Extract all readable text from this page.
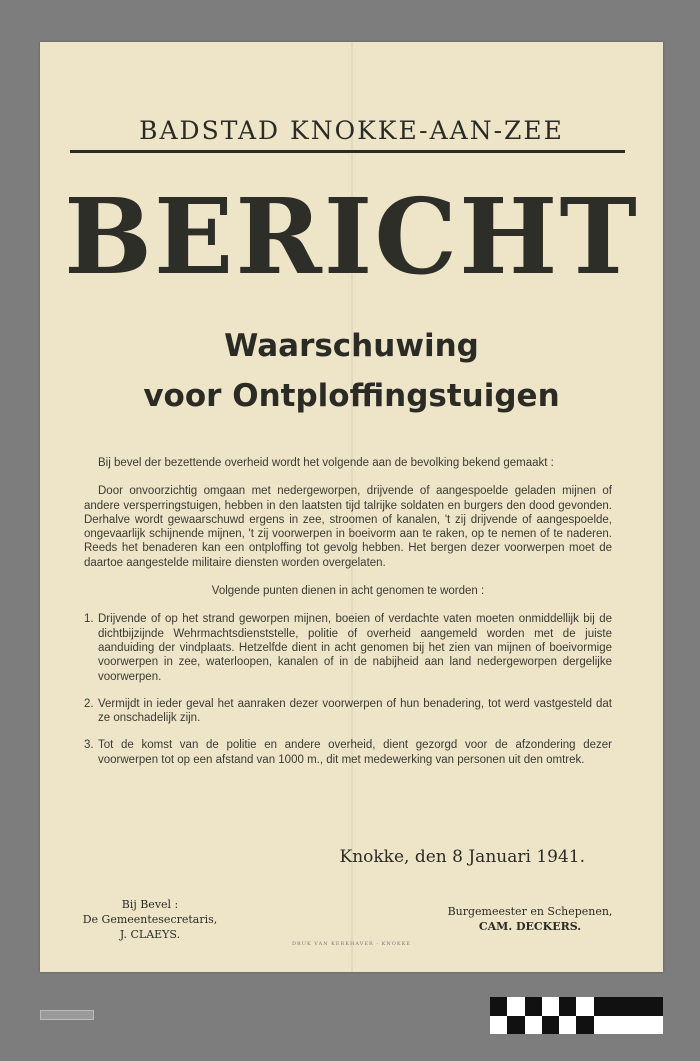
BADSTAD KNOKKE-AAN-ZEE
BERICHT
Waarschuwing
voor Ontploffingstuigen

Bij bevel der bezettende overheid wordt het volgende aan de bevolking bekend gemaakt :

Door onvoorzichtig omgaan met nedergeworpen, drijvende of aangespoelde geladen mijnen of andere versperringstuigen, hebben in den laatsten tijd talrijke soldaten en burgers den dood gevonden. Derhalve wordt gewaarschuwd ergens in zee, stroomen of kanalen, 't zij drijvende of aangespoelde, ongevaarlijk schijnende mijnen, 't zij voorwerpen in boeivorm aan te raken, op te nemen of te naderen. Reeds het benaderen kan een ontploffing tot gevolg hebben. Het bergen dezer voorwerpen moet de daartoe aangestelde militaire diensten worden overgelaten.

Volgende punten dienen in acht genomen te worden :

1. Drijvende of op het strand geworpen mijnen, boeien of verdachte vaten moeten onmiddellijk bij de dichtbijzijnde Wehrmachtsdienststelle, politie of overheid aangemeld worden met de juiste aanduiding der vindplaats. Hetzelfde dient in acht genomen bij het zien van mijnen of boeivormige voorwerpen in zee, waterloopen, kanalen of in de nabijheid aan land nedergeworpen dergelijke voorwerpen.
2. Vermijdt in ieder geval het aanraken dezer voorwerpen of hun benadering, tot werd vastgesteld dat ze onschadelijk zijn.
3. Tot de komst van de politie en andere overheid, dient gezorgd voor de afzondering dezer voorwerpen tot op een afstand van 1000 m., dit met medewerking van personen uit den omtrek.
Knokke, den 8 Januari 1941.
Bij Bevel :
De Gemeentesecretaris,
J. CLAEYS.
Burgemeester en Schepenen,
CAM. DECKERS.
DRUK VAN KERKHAVER - KNOKKE
